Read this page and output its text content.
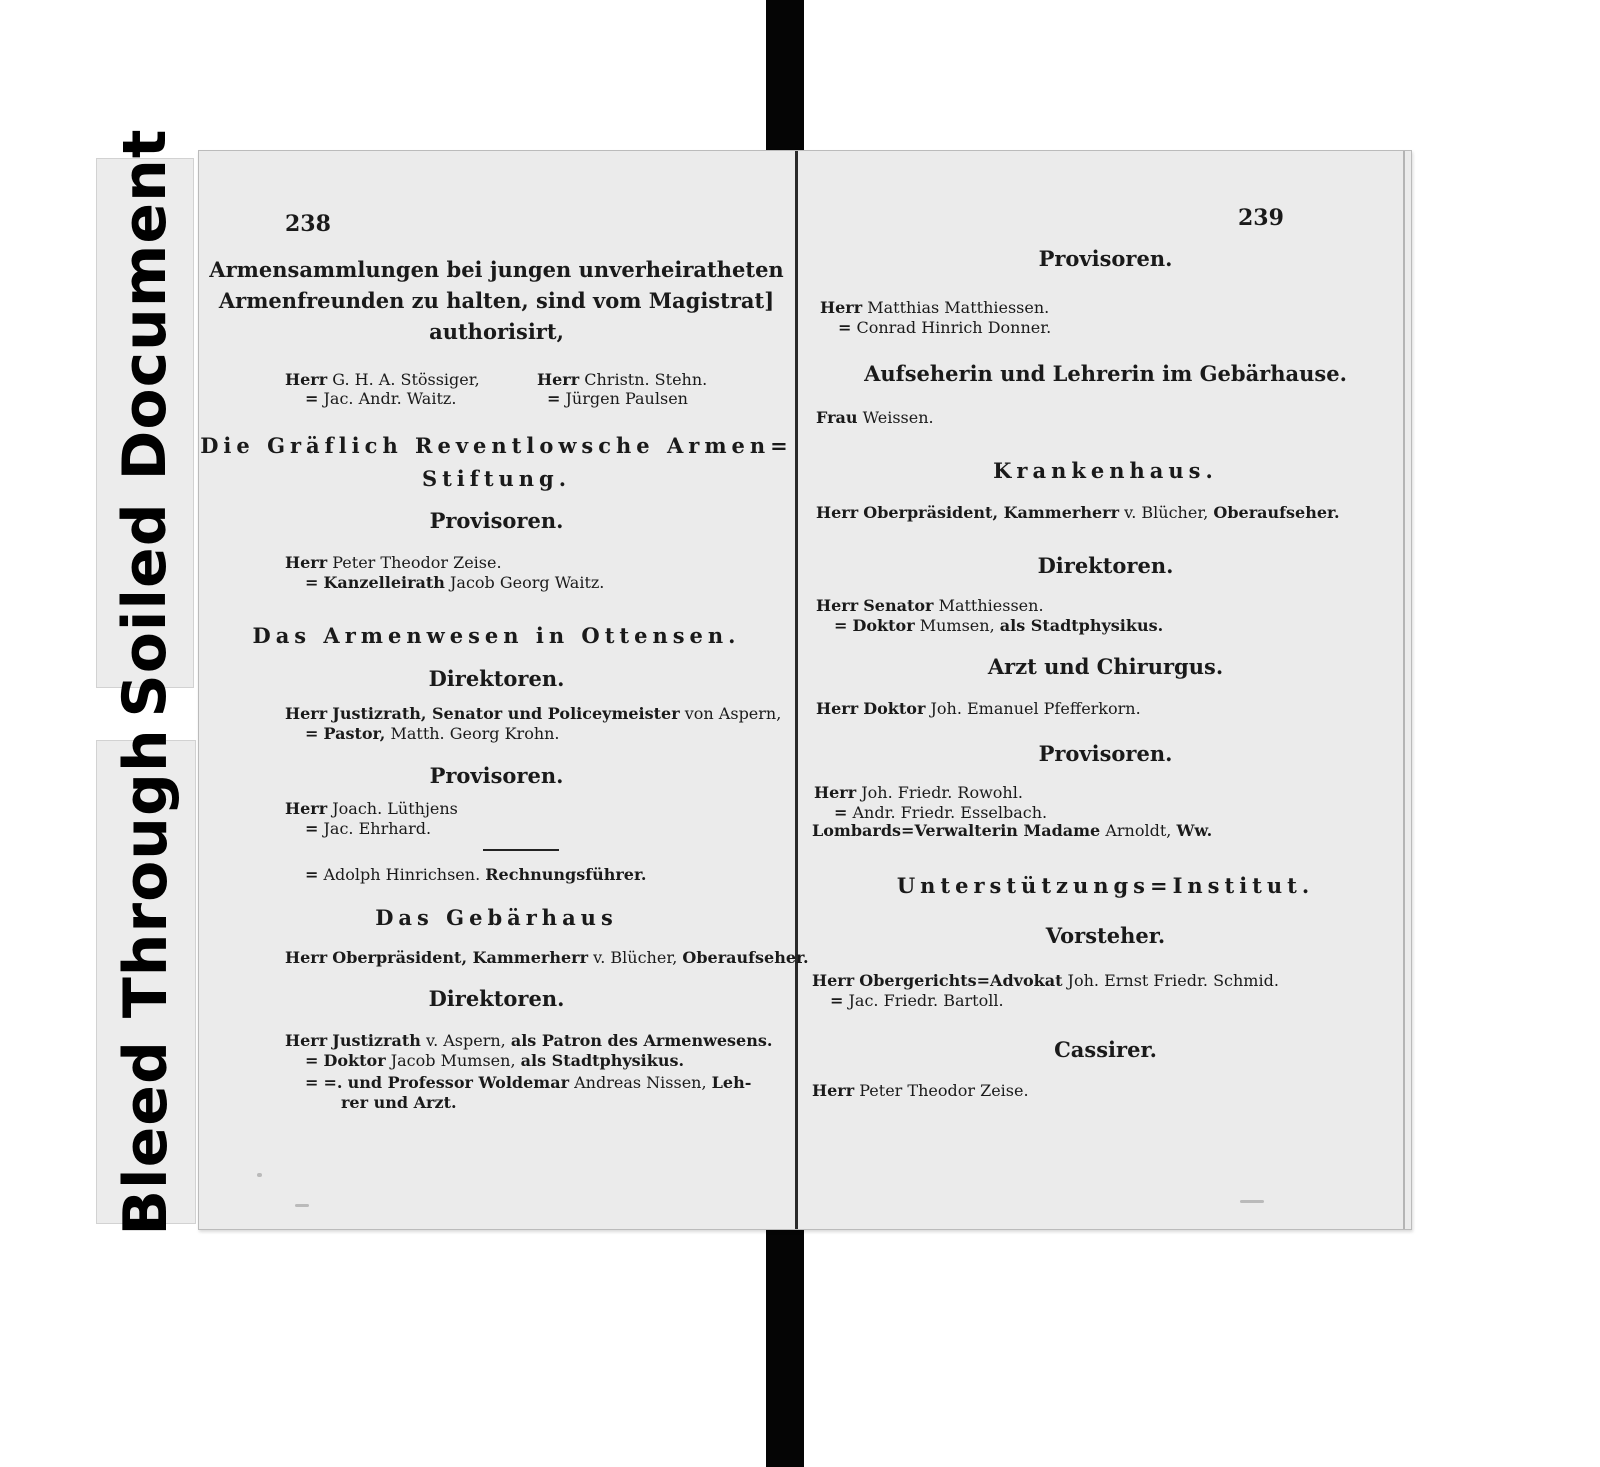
Soiled Document
Bleed Through
238
Armensammlungen bei jungen unverheiratheten
Armenfreunden zu halten, sind vom Magistrat]
authorisirt,
Herr G. H. A. Stössiger,	Herr Christn. Stehn.
= Jac. Andr. Waitz.	= Jürgen Paulsen
Die Gräflich Reventlowsche Armen=
Stiftung.
Provisoren.
Herr Peter Theodor Zeise.
= Kanzelleirath Jacob Georg Waitz.
Das Armenwesen in Ottensen.
Direktoren.
Herr Justizrath, Senator und Policeymeister von Aspern,
= Pastor, Matth. Georg Krohn.
Provisoren.
Herr Joach. Lüthjens
= Jac. Ehrhard.
= Adolph Hinrichsen. Rechnungsführer.
Das Gebärhaus
Herr Oberpräsident, Kammerherr v. Blücher, Oberaufseher.
Direktoren.
Herr Justizrath v. Aspern, als Patron des Armenwesens.
= Doktor Jacob Mumsen, als Stadtphysikus.
= =. und Professor Woldemar Andreas Nissen, Leh-
rer und Arzt.
239
Provisoren.
Herr Matthias Matthiessen.
= Conrad Hinrich Donner.
Aufseherin und Lehrerin im Gebärhause.
Frau Weissen.
Krankenhaus.
Herr Oberpräsident, Kammerherr v. Blücher, Oberaufseher.
Direktoren.
Herr Senator Matthiessen.
= Doktor Mumsen, als Stadtphysikus.
Arzt und Chirurgus.
Herr Doktor Joh. Emanuel Pfefferkorn.
Provisoren.
Herr Joh. Friedr. Rowohl.
= Andr. Friedr. Esselbach.
Lombards=Verwalterin Madame Arnoldt, Ww.
Unterstützungs=Institut.
Vorsteher.
Herr Obergerichts=Advokat Joh. Ernst Friedr. Schmid.
= Jac. Friedr. Bartoll.
Cassirer.
Herr Peter Theodor Zeise.
